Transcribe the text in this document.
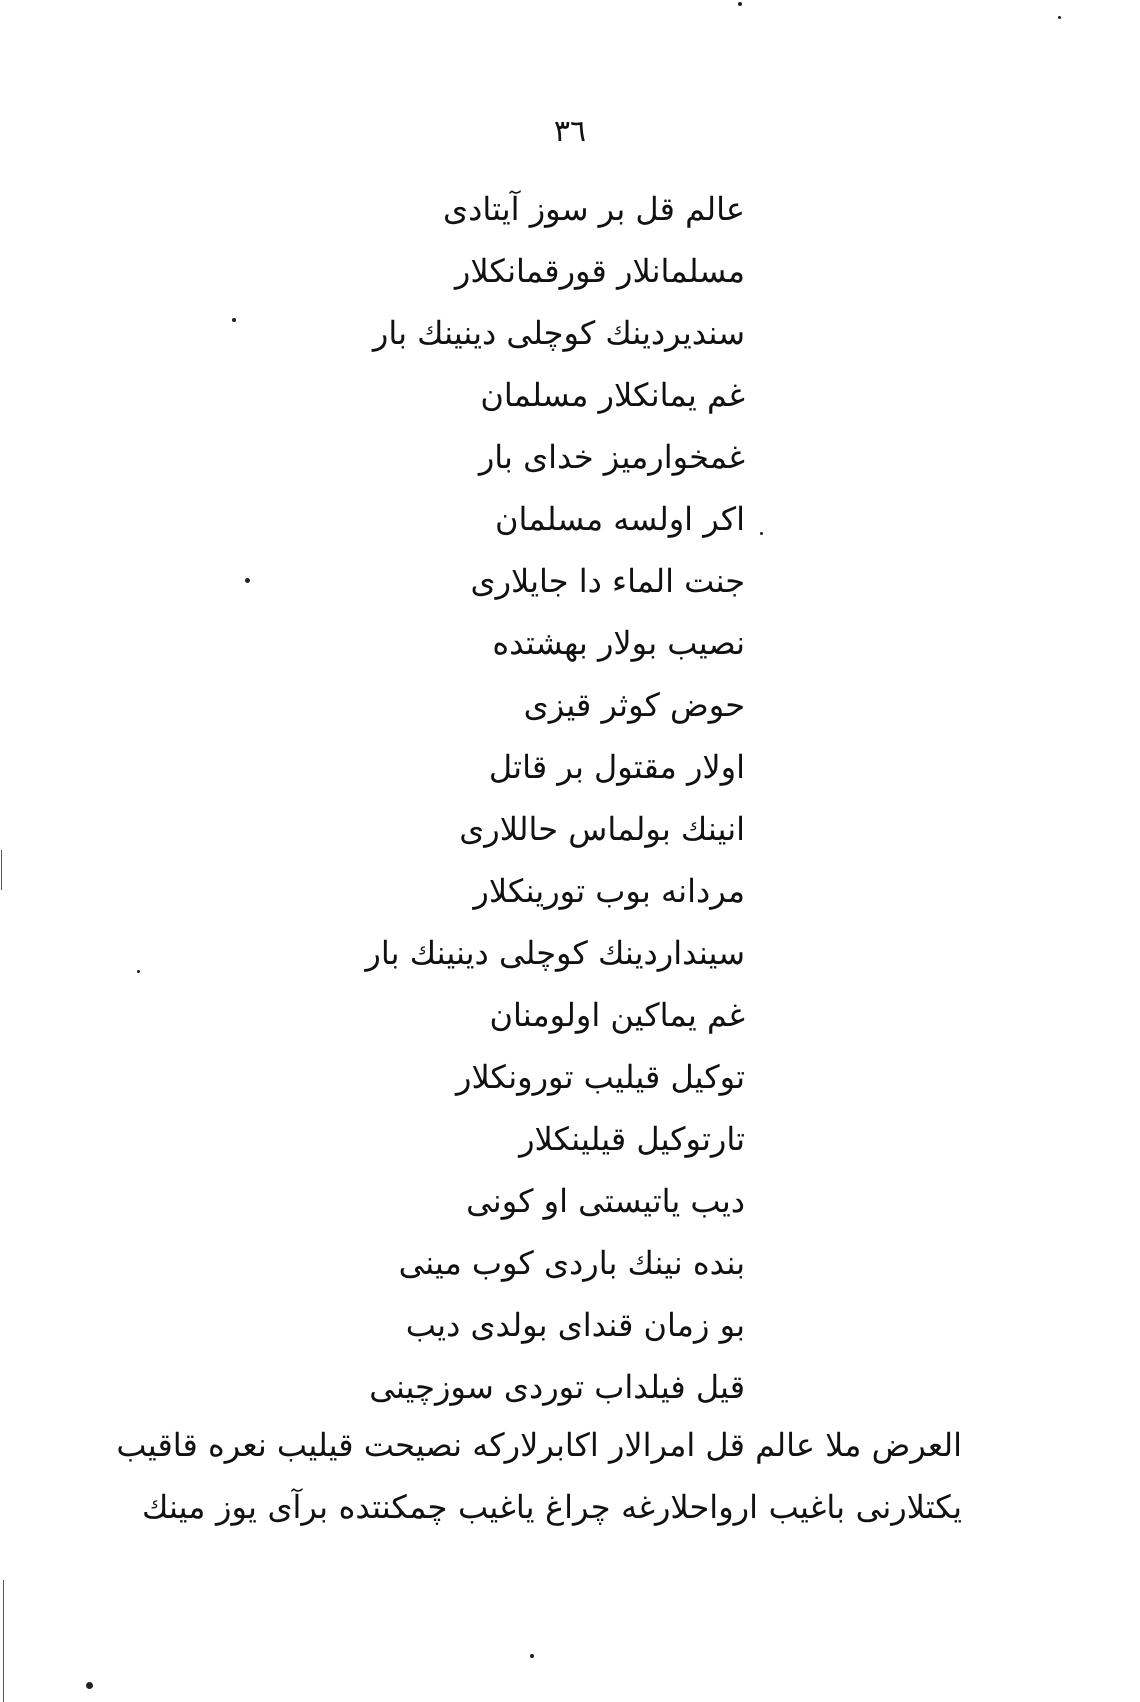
٣٦
عالم قل بر سوز آیتادی
مسلمانلار قورقمانکلار
سندیردینك کوچلی دینینك بار
غم یمانکلار مسلمان
غمخوارمیز خدای بار
اکر اولسه مسلمان
جنت الماء دا جایلاری
نصیب بولار بهشتده
حوض کوثر قیزی
اولار مقتول بر قاتل
انینك بولماس حاللاری
مردانه بوب تورینکلار
سینداردینك کوچلی دینینك بار
غم یماکین اولومنان
توکیل قیلیب تورونکلار
تارتوکیل قیلینکلار
دیب یاتیستی او کونی
بنده نینك باردی کوب مینی
بو زمان قندای بولدی دیب
قیل فیلداب توردی سوزچینی

العرض ملا عالم قل امرالار اکابرلارکه نصیحت قیلیب نعره قاقیب

یکتلارنی باغیب ارواحلارغه چراغ یاغیب چمکنتده برآی یوز مینك
